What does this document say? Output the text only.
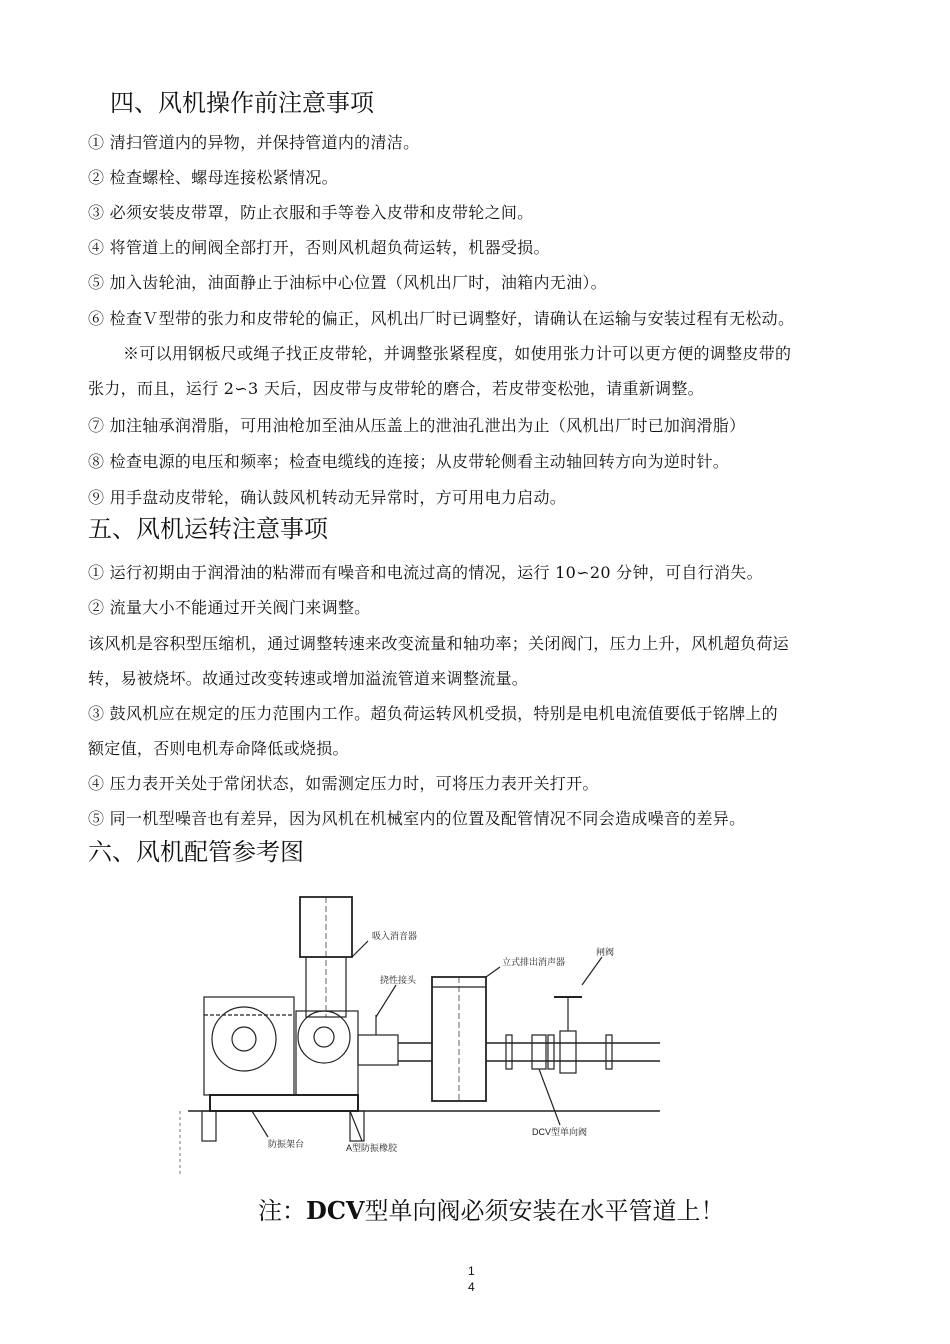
四、风机操作前注意事项
① 清扫管道内的异物，并保持管道内的清洁。
② 检查螺栓、螺母连接松紧情况。
③ 必须安装皮带罩，防止衣服和手等卷入皮带和皮带轮之间。
④ 将管道上的闸阀全部打开，否则风机超负荷运转，机器受损。
⑤ 加入齿轮油，油面静止于油标中心位置（风机出厂时，油箱内无油）。
⑥ 检查Ｖ型带的张力和皮带轮的偏正，风机出厂时已调整好，请确认在运输与安装过程有无松动。
※可以用钢板尺或绳子找正皮带轮，并调整张紧程度，如使用张力计可以更方便的调整皮带的
张力，而且，运行 2∽3 天后，因皮带与皮带轮的磨合，若皮带变松弛，请重新调整。
⑦ 加注轴承润滑脂，可用油枪加至油从压盖上的泄油孔泄出为止（风机出厂时已加润滑脂）
⑧ 检查电源的电压和频率；检查电缆线的连接；从皮带轮侧看主动轴回转方向为逆时针。
⑨ 用手盘动皮带轮，确认鼓风机转动无异常时，方可用电力启动。
五、风机运转注意事项
① 运行初期由于润滑油的粘滞而有噪音和电流过高的情况，运行 10∽20 分钟，可自行消失。
② 流量大小不能通过开关阀门来调整。
该风机是容积型压缩机，通过调整转速来改变流量和轴功率；关闭阀门，压力上升，风机超负荷运
转，易被烧坏。故通过改变转速或增加溢流管道来调整流量。
③ 鼓风机应在规定的压力范围内工作。超负荷运转风机受损，特别是电机电流值要低于铭牌上的
额定值，否则电机寿命降低或烧损。
④ 压力表开关处于常闭状态，如需测定压力时，可将压力表开关打开。
⑤ 同一机型噪音也有差异，因为风机在机械室内的位置及配管情况不同会造成噪音的差异。
六、风机配管参考图
吸入消音器
挠性接头
立式排出消声器
闸阀
防振架台	A型防振橡胶
DCV型单向阀
注：DCV型单向阀必须安装在水平管道上！
1
4
